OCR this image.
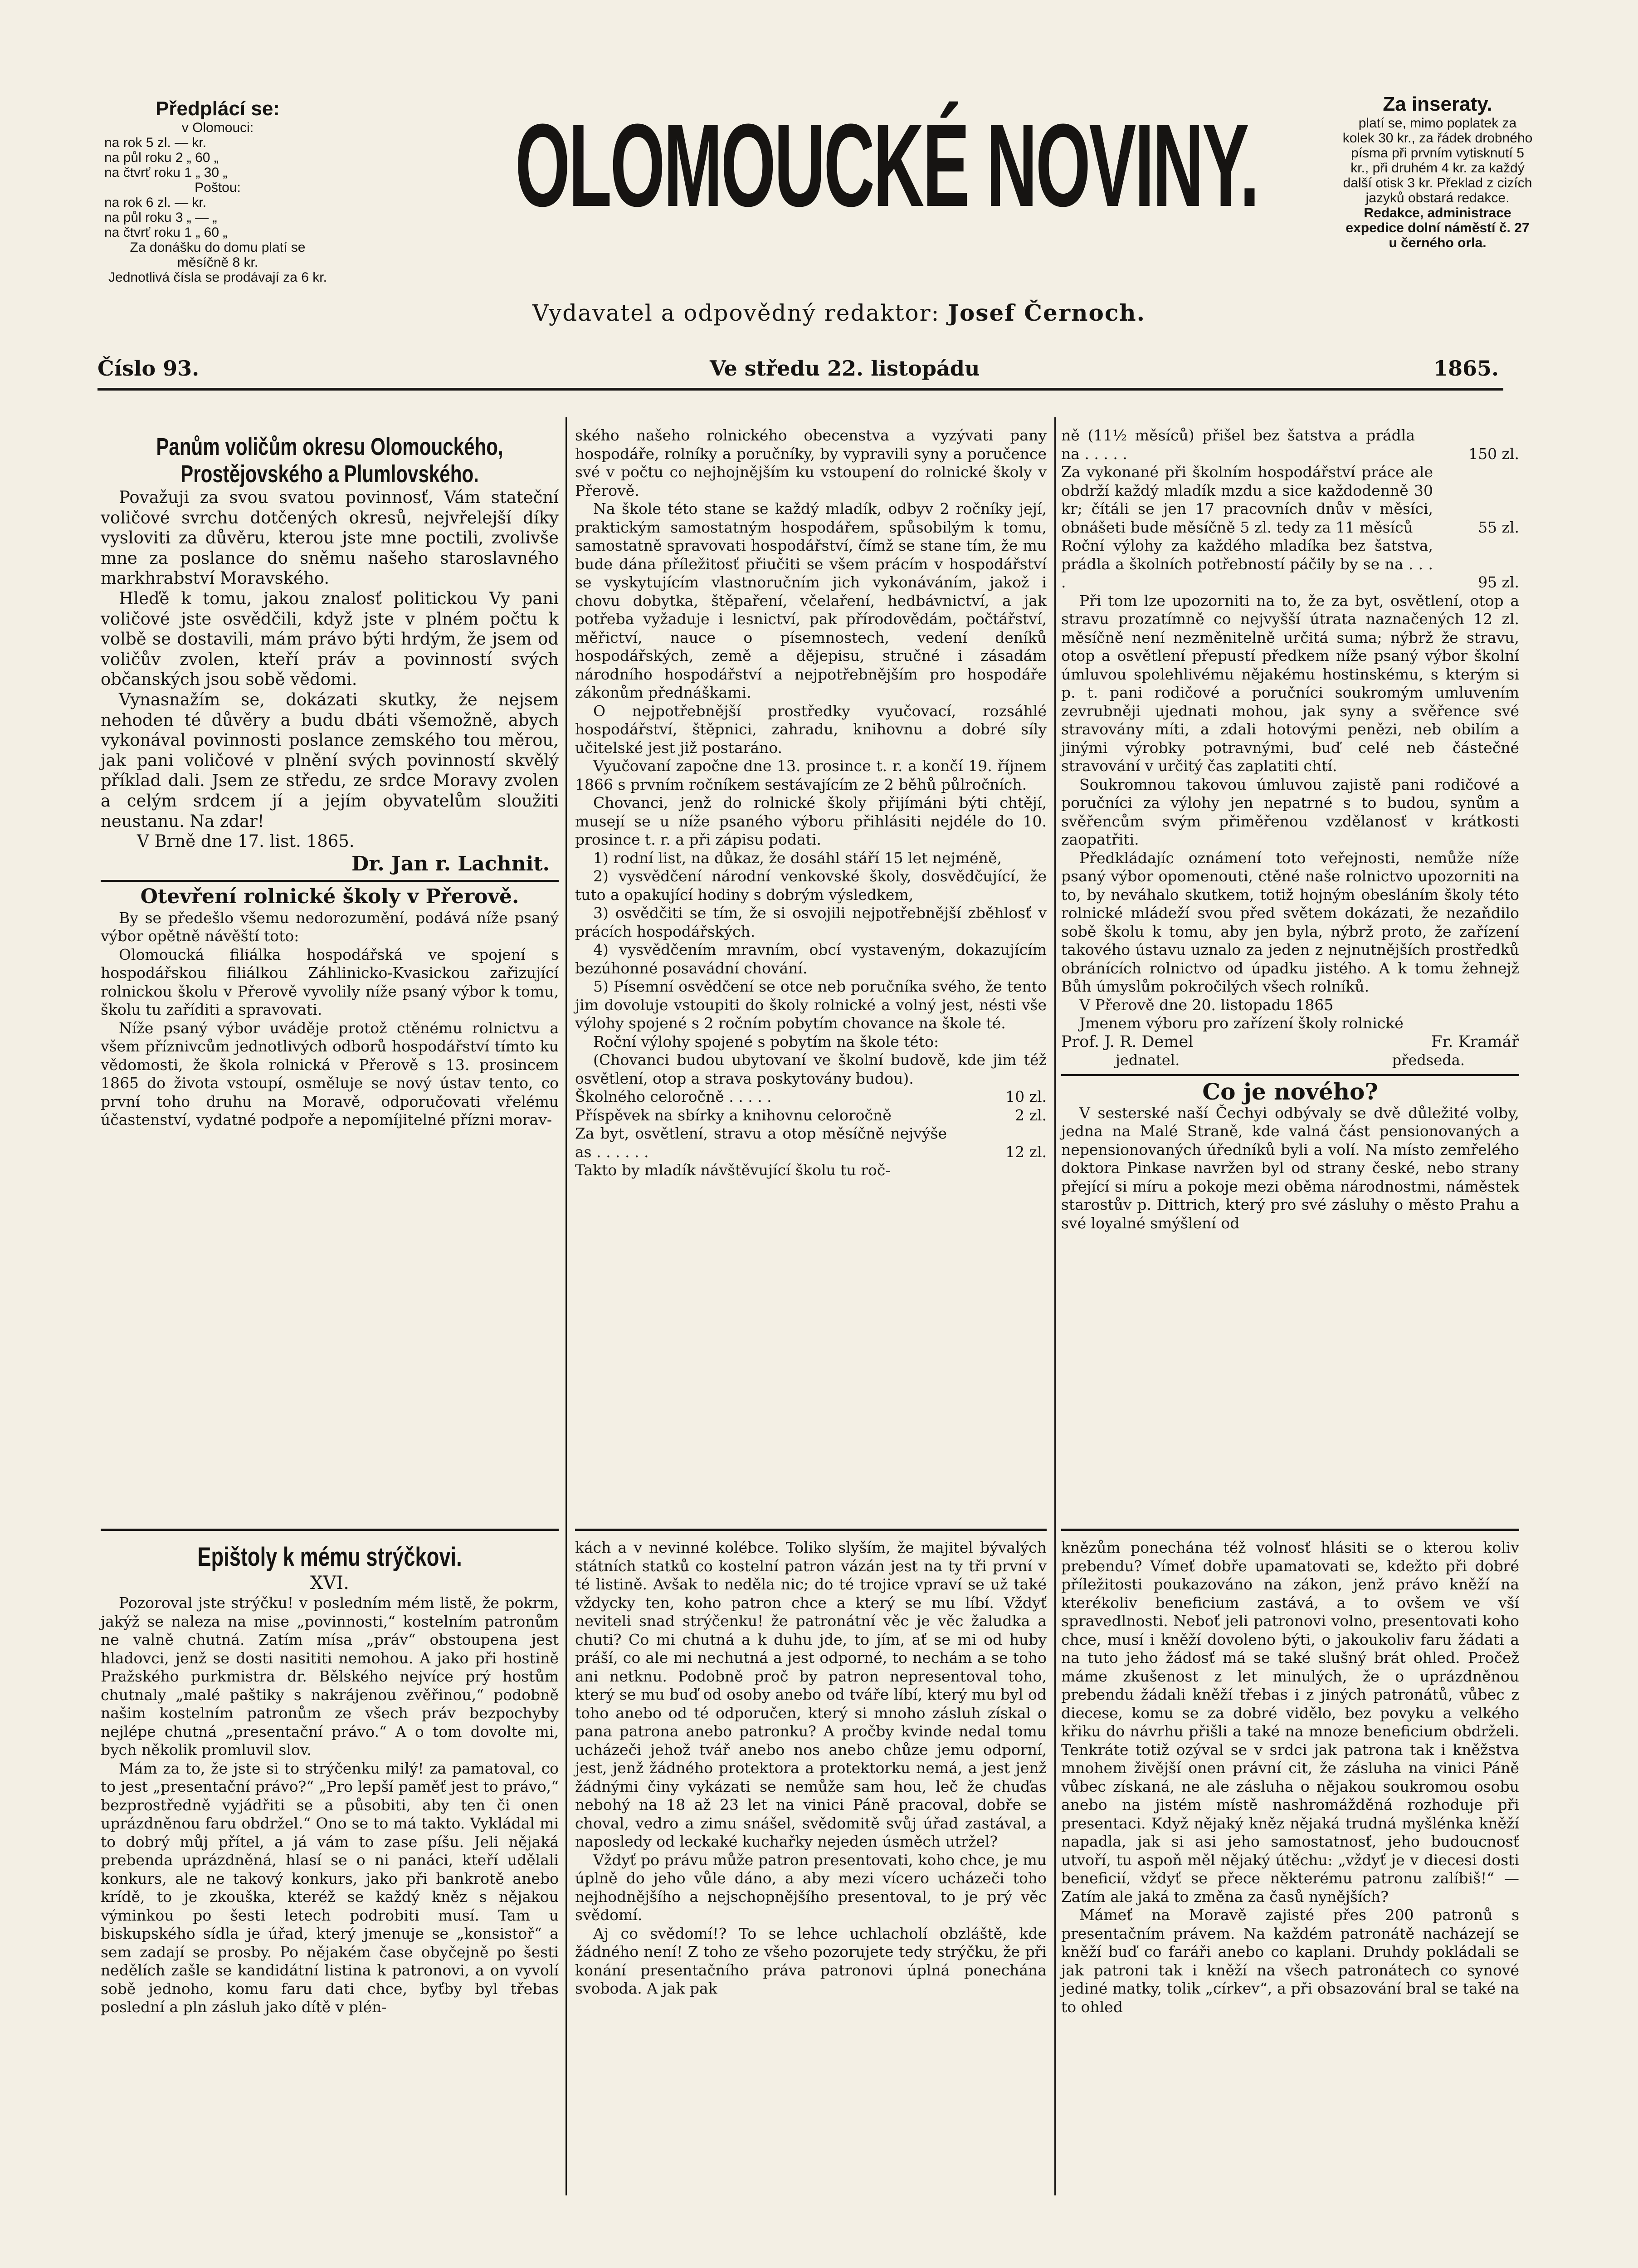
Předplácí se:

v Olomouci:

na rok 5 zl. — kr.

na půl roku 2 „ 60 „

na čtvrť roku 1 „ 30 „

Poštou:

na rok 6 zl. — kr.

na půl roku 3 „ — „

na čtvrť roku 1 „ 60 „

Za donášku do domu platí se měsíčně 8 kr.

Jednotlivá čísla se prodávají za 6 kr.

OLOMOUCKÉ NOVINY.
Vydavatel a odpovědný redaktor: Josef Černoch.

Za inseraty.

platí se, mimo poplatek za kolek 30 kr., za řádek drobného písma při prvním vytisknutí 5 kr., při druhém 4 kr. za každý další otisk 3 kr. Překlad z cizích jazyků obstará redakce.

Redakce, administrace expedice dolní náměstí č. 27 u černého orla.

Číslo 93.	Ve středu 22. listopádu	1865.
Panům voličům okresu Olomouckého,
Prostějovského a Plumlovského.

Považuji za svou svatou povinnosť, Vám stateční voličové svrchu dotčených okresů, nejvřelejší díky vysloviti za důvěru, kterou jste mne poctili, zvolivše mne za poslance do sněmu našeho staroslavného markhrabství Moravského.

Hleďě k tomu, jakou znalosť politickou Vy pani voličové jste osvědčili, když jste v plném počtu k volbě se dostavili, mám právo býti hrdým, že jsem od voličův zvolen, kteří práv a povinností svých občanských jsou sobě vědomi.

Vynasnažím se, dokázati skutky, že nejsem nehoden té důvěry a budu dbáti všemožně, abych vykonával povinnosti poslance zemského tou měrou, jak pani voličové v plnění svých povinností skvělý příklad dali. Jsem ze středu, ze srdce Moravy zvolen a celým srdcem jí a jejím obyvatelům sloužiti neustanu. Na zdar!

V Brně dne 17. list. 1865.

Dr. Jan r. Lachnit.
Otevření rolnické školy v Přerově.

By se předešlo všemu nedorozumění, podává níže psaný výbor opětně návěští toto:

Olomoucká filiálka hospodářská ve spojení s hospodářskou filiálkou Záhlinicko-Kvasickou zařizující rolnickou školu v Přerově vyvolily níže psaný výbor k tomu, školu tu zaříditi a spravovati.

Níže psaný výbor uváděje protož ctěnému rolnictvu a všem příznivcům jednotlivých odborů hospodářství tímto ku vědomosti, že škola rolnická v Přerově s 13. prosincem 1865 do života vstoupí, osměluje se nový ústav tento, co první toho druhu na Moravě, odporučovati vřelému účastenství, vydatné podpoře a nepomíjitelné přízni morav-

Epištoly k mému strýčkovi.
XVI.

Pozoroval jste strýčku! v posledním mém listě, že pokrm, jakýž se naleza na mise „povinnosti,“ kostelním patronům ne valně chutná. Zatím mísa „práv“ obstoupena jest hladovci, jenž se dosti nasititi nemohou. A jako při hostině Pražského purkmistra dr. Bělského nejvíce prý hostům chutnaly „malé paštiky s nakrájenou zvěřinou,“ podobně našim kostelním patronům ze všech práv bezpochyby nejlépe chutná „presentační právo.“ A o tom dovolte mi, bych několik promluvil slov.

Mám za to, že jste si to strýčenku milý! za pamatoval, co to jest „presentační právo?“ „Pro lepší paměť jest to právo,“ bezprostředně vyjádřiti se a působiti, aby ten či onen uprázdněnou faru obdržel.“ Ono se to má takto. Vykládal mi to dobrý můj přítel, a já vám to zase píšu. Jeli nějaká prebenda uprázdněná, hlasí se o ni panáci, kteří udělali konkurs, ale ne takový konkurs, jako při bankrotě anebo krídě, to je zkouška, kteréž se každý kněz s nějakou výminkou po šesti letech podrobiti musí. Tam u biskupského sídla je úřad, který jmenuje se „konsistoř“ a sem zadají se prosby. Po nějakém čase obyčejně po šesti nedělích zašle se kandidátní listina k patronovi, a on vyvolí sobě jednoho, komu faru dati chce, byťby byl třebas poslední a pln zásluh jako dítě v plén-

ského našeho rolnického obecenstva a vyzývati pany hospodáře, rolníky a poručníky, by vypravili syny a poručence své v počtu co nejhojnějším ku vstoupení do rolnické školy v Přerově.

Na škole této stane se každý mladík, odbyv 2 ročníky její, praktickým samostatným hospodářem, spůsobilým k tomu, samostatně spravovati hospodářství, čímž se stane tím, že mu bude dána příležitosť přiučiti se všem prácím v hospodářství se vyskytujícím vlastnoručním jich vykonáváním, jakož i chovu dobytka, štěpaření, včelaření, hedbávnictví, a jak potřeba vyžaduje i lesnictví, pak přírodovědám, počtářství, měřictví, nauce o písemnostech, vedení deníků hospodářských, země a dějepisu, stručné i zásadám národního hospodářství a nejpotřebnějším pro hospodáře zákonům přednáškami.

O nejpotřebnější prostředky vyučovací, rozsáhlé hospodářství, štěpnici, zahradu, knihovnu a dobré síly učitelské jest již postaráno.

Vyučovaní započne dne 13. prosince t. r. a končí 19. říjnem 1866 s prvním ročníkem sestávajícím ze 2 běhů půlročních.

Chovanci, jenž do rolnické školy přijímáni býti chtějí, musejí se u níže psaného výboru přihlásiti nejdéle do 10. prosince t. r. a při zápisu podati.

1) rodní list, na důkaz, že dosáhl stáří 15 let nejméně,

2) vysvědčení národní venkovské školy, dosvědčující, že tuto a opakující hodiny s dobrým výsledkem,

3) osvědčiti se tím, že si osvojili nejpotřebnější zběhlosť v prácích hospodářských.

4) vysvědčením mravním, obcí vystaveným, dokazujícím bezúhonné posavádní chování.

5) Písemní osvědčení se otce neb poručníka svého, že tento jim dovoluje vstoupiti do školy rolnické a volný jest, nésti vše výlohy spojené s 2 ročním pobytím chovance na škole té.

Roční výlohy spojené s pobytím na škole této:

(Chovanci budou ubytovaní ve školní budově, kde jim též osvětlení, otop a strava poskytovány budou).

Školného celoročně . . . . .	10 zl.
Příspěvek na sbírky a knihovnu celoročně	2 zl.
Za byt, osvětlení, stravu a otop měsíčně nejvýše as . . . . . .	12 zl.

Takto by mladík návštěvující školu tu roč-

kách a v nevinné kolébce. Toliko slyším, že majitel bývalých státních statků co kostelní patron vázán jest na ty tři první v té listině. Avšak to neděla nic; do té trojice vpraví se už také vždycky ten, koho patron chce a který se mu líbí. Vždyť neviteli snad strýčenku! že patronátní věc je věc žaludka a chuti? Co mi chutná a k duhu jde, to jím, ať se mi od huby práší, co ale mi nechutná a jest odporné, to nechám a se toho ani netknu. Podobně proč by patron nepresentoval toho, který se mu buď od osoby anebo od tváře líbí, který mu byl od toho anebo od té odporučen, který si mnoho zásluh získal o pana patrona anebo patronku? A pročby kvinde nedal tomu ucházeči jehož tvář anebo nos anebo chůze jemu odporní, jest, jenž žádného protektora a protektorku nemá, a jest jenž žádnými činy vykázati se nemůže sam hou, leč že chuďas nebohý na 18 až 23 let na vinici Páně pracoval, dobře se choval, vedro a zimu snášel, svědomitě svůj úřad zastával, a naposledy od leckaké kuchařky nejeden úsměch utržel?

Vždyť po právu může patron presentovati, koho chce, je mu úplně do jeho vůle dáno, a aby mezi vícero ucházeči toho nejhodnějšího a nejschopnějšího presentoval, to je prý věc svědomí.

Aj co svědomí!? To se lehce uchlacholí obzláště, kde žádného není! Z toho ze všeho pozorujete tedy strýčku, že při konání presentačního práva patronovi úplná ponechána svoboda. A jak pak

ně (11½ měsíců) přišel bez šatstva a prádla na . . . . .	150 zl.
Za vykonané při školním hospodářství práce ale obdrží každý mladík mzdu a sice každodenně 30 kr; čítáli se jen 17 pracovních dnův v měsíci, obnášeti bude měsíčně 5 zl. tedy za 11 měsíců	55 zl.
Roční výlohy za každého mladíka bez šatstva, prádla a školních potřebností páčily by se na . . . .	95 zl.

Při tom lze upozorniti na to, že za byt, osvětlení, otop a stravu prozatímně co nejvyšší útrata naznačených 12 zl. měsíčně není nezměnitelně určitá suma; nýbrž že stravu, otop a osvětlení přepustí předkem níže psaný výbor školní úmluvou spolehlivému nějakému hostinskému, s kterým si p. t. pani rodičové a poručníci soukromým umluvením zevrubněji ujednati mohou, jak syny a svěřence své stravovány míti, a zdali hotovými penězi, neb obilím a jinými výrobky potravnými, buď celé neb částečné stravování v určitý čas zaplatiti chtí.

Soukromnou takovou úmluvou zajistě pani rodičové a poručníci za výlohy jen nepatrné s to budou, synům a svěřencům svým přiměřenou vzdělanosť v krátkosti zaopatřiti.

Předkládajíc oznámení toto veřejnosti, nemůže níže psaný výbor opomenouti, ctěné naše rolnictvo upozorniti na to, by neváhalo skutkem, totiž hojným obesláním školy této rolnické mládeží svou před světem dokázati, že nezaňdilo sobě školu k tomu, aby jen byla, nýbrž proto, že zařízení takového ústavu uznalo za jeden z nejnutnějších prostředků obránících rolnictvo od úpadku jistého. A k tomu žehnejž Bůh úmyslům pokročilých všech rolníků.

V Přerově dne 20. listopadu 1865

Jmenem výboru pro zařízení školy rolnické

Prof. J. R. Demel	Fr. Kramář
jednatel.	předseda.
Co je nového?

V sesterské naší Čechyi odbývaly se dvě důležité volby, jedna na Malé Straně, kde valná část pensionovaných a nepensionovaných úředníků byli a volí. Na místo zemřelého doktora Pinkase navržen byl od strany české, nebo strany přející si míru a pokoje mezi oběma národnostmi, náměstek starostův p. Dittrich, který pro své zásluhy o město Prahu a své loyalné smýšlení od

knězům ponechána též volnosť hlásiti se o kterou koliv prebendu? Vímeť dobře upamatovati se, kdežto při dobré příležitosti poukazováno na zákon, jenž právo kněží na kterékoliv beneficium zastává, a to ovšem ve vší spravedlnosti. Neboť jeli patronovi volno, presentovati koho chce, musí i kněží dovoleno býti, o jakoukoliv faru žádati a na tuto jeho žádosť má se také slušný brát ohled. Pročež máme zkušenost z let minulých, že o uprázdněnou prebendu žádali kněží třebas i z jiných patronátů, vůbec z diecese, komu se za dobré vidělo, bez povyku a velkého křiku do návrhu přišli a také na mnoze beneficium obdrželi. Tenkráte totiž ozýval se v srdci jak patrona tak i kněžstva mnohem živější onen právní cit, že zásluha na vinici Páně vůbec získaná, ne ale zásluha o nějakou soukromou osobu anebo na jistém místě nashromážděná rozhoduje při presentaci. Když nějaký kněz nějaká trudná myšlénka kněží napadla, jak si asi jeho samostatnosť, jeho budoucnosť utvoří, tu aspoň měl nějaký útěchu: „vždyť je v diecesi dosti beneficií, vždyť se přece některému patronu zalíbiš!“ — Zatím ale jaká to změna za časů nynějších?

Mámeť na Moravě zajisté přes 200 patronů s presentačním právem. Na každém patronátě nacházejí se kněží buď co faráři anebo co kaplani. Druhdy pokládali se jak patroni tak i kněží na všech patronátech co synové jediné matky, tolik „církev“, a při obsazování bral se také na to ohled
